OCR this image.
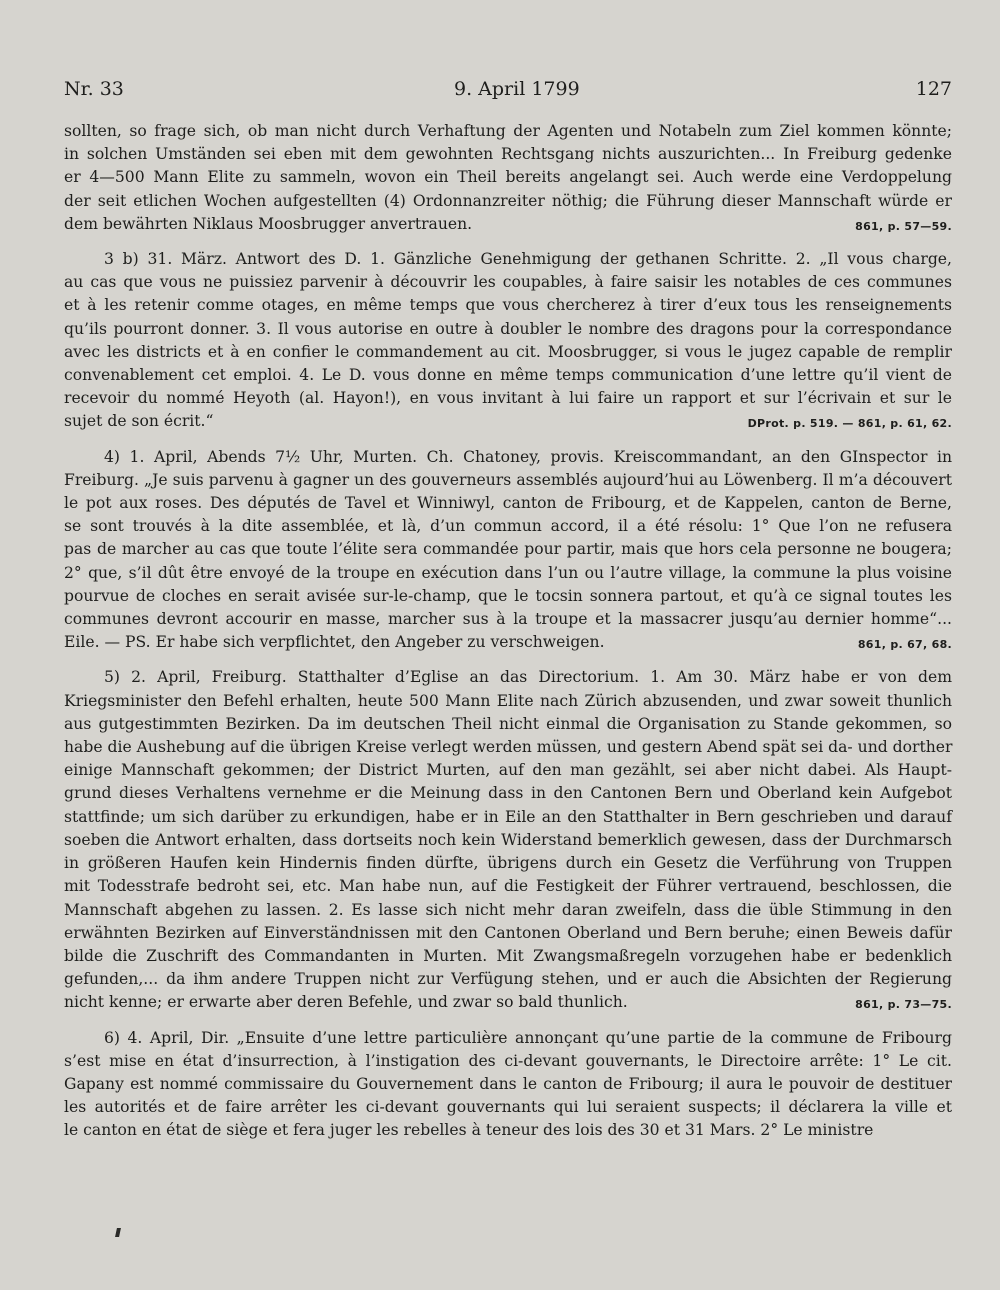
Nr. 33	9. April 1799	127
sollten, so frage sich, ob man nicht durch Verhaftung der Agenten und Notabeln zum Ziel kommen könnte;
in solchen Umständen sei eben mit dem gewohnten Rechtsgang nichts auszurichten... In Freiburg gedenke
er 4—500 Mann Elite zu sammeln, wovon ein Theil bereits angelangt sei. Auch werde eine Verdoppelung
der seit etlichen Wochen aufgestellten (4) Ordonnanzreiter nöthig; die Führung dieser Mannschaft würde er
861, p. 57—59.
dem bewährten Niklaus Moosbrugger anvertrauen.
3 b) 31. März. Antwort des D. 1. Gänzliche Genehmigung der gethanen Schritte. 2. „Il vous charge,
au cas que vous ne puissiez parvenir à découvrir les coupables, à faire saisir les notables de ces communes
et à les retenir comme otages, en même temps que vous chercherez à tirer d’eux tous les renseignements
qu’ils pourront donner. 3. Il vous autorise en outre à doubler le nombre des dragons pour la correspondance
avec les districts et à en confier le commandement au cit. Moosbrugger, si vous le jugez capable de remplir
convenablement cet emploi. 4. Le D. vous donne en même temps communication d’une lettre qu’il vient de
recevoir du nommé Heyoth (al. Hayon!), en vous invitant à lui faire un rapport et sur l’écrivain et sur le
DProt. p. 519. — 861, p. 61, 62.
sujet de son écrit.“
4) 1. April, Abends 7½ Uhr, Murten. Ch. Chatoney, provis. Kreiscommandant, an den GInspector in
Freiburg. „Je suis parvenu à gagner un des gouverneurs assemblés aujourd’hui au Löwenberg. Il m’a découvert
le pot aux roses. Des députés de Tavel et Winniwyl, canton de Fribourg, et de Kappelen, canton de Berne,
se sont trouvés à la dite assemblée, et là, d’un commun accord, il a été résolu: 1° Que l’on ne refusera
pas de marcher au cas que toute l’élite sera commandée pour partir, mais que hors cela personne ne bougera;
2° que, s’il dût être envoyé de la troupe en exécution dans l’un ou l’autre village, la commune la plus voisine
pourvue de cloches en serait avisée sur-le-champ, que le tocsin sonnera partout, et qu’à ce signal toutes les
communes devront accourir en masse, marcher sus à la troupe et la massacrer jusqu’au dernier homme“...
861, p. 67, 68.
Eile. — PS. Er habe sich verpflichtet, den Angeber zu verschweigen.
5) 2. April, Freiburg. Statthalter d’Eglise an das Directorium. 1. Am 30. März habe er von dem
Kriegsminister den Befehl erhalten, heute 500 Mann Elite nach Zürich abzusenden, und zwar soweit thunlich
aus gutgestimmten Bezirken. Da im deutschen Theil nicht einmal die Organisation zu Stande gekommen, so
habe die Aushebung auf die übrigen Kreise verlegt werden müssen, und gestern Abend spät sei da- und dorther
einige Mannschaft gekommen; der District Murten, auf den man gezählt, sei aber nicht dabei. Als Haupt-
grund dieses Verhaltens vernehme er die Meinung dass in den Cantonen Bern und Oberland kein Aufgebot
stattfinde; um sich darüber zu erkundigen, habe er in Eile an den Statthalter in Bern geschrieben und darauf
soeben die Antwort erhalten, dass dortseits noch kein Widerstand bemerklich gewesen, dass der Durchmarsch
in größeren Haufen kein Hindernis finden dürfte, übrigens durch ein Gesetz die Verführung von Truppen
mit Todesstrafe bedroht sei, etc. Man habe nun, auf die Festigkeit der Führer vertrauend, beschlossen, die
Mannschaft abgehen zu lassen. 2. Es lasse sich nicht mehr daran zweifeln, dass die üble Stimmung in den
erwähnten Bezirken auf Einverständnissen mit den Cantonen Oberland und Bern beruhe; einen Beweis dafür
bilde die Zuschrift des Commandanten in Murten. Mit Zwangsmaßregeln vorzugehen habe er bedenklich
gefunden,... da ihm andere Truppen nicht zur Verfügung stehen, und er auch die Absichten der Regierung
861, p. 73—75.
nicht kenne; er erwarte aber deren Befehle, und zwar so bald thunlich.
6) 4. April, Dir. „Ensuite d’une lettre particulière annonçant qu’une partie de la commune de Fribourg
s’est mise en état d’insurrection, à l’instigation des ci-devant gouvernants, le Directoire arrête: 1° Le cit.
Gapany est nommé commissaire du Gouvernement dans le canton de Fribourg; il aura le pouvoir de destituer
les autorités et de faire arrêter les ci-devant gouvernants qui lui seraient suspects; il déclarera la ville et
le canton en état de siège et fera juger les rebelles à teneur des lois des 30 et 31 Mars. 2° Le ministre
